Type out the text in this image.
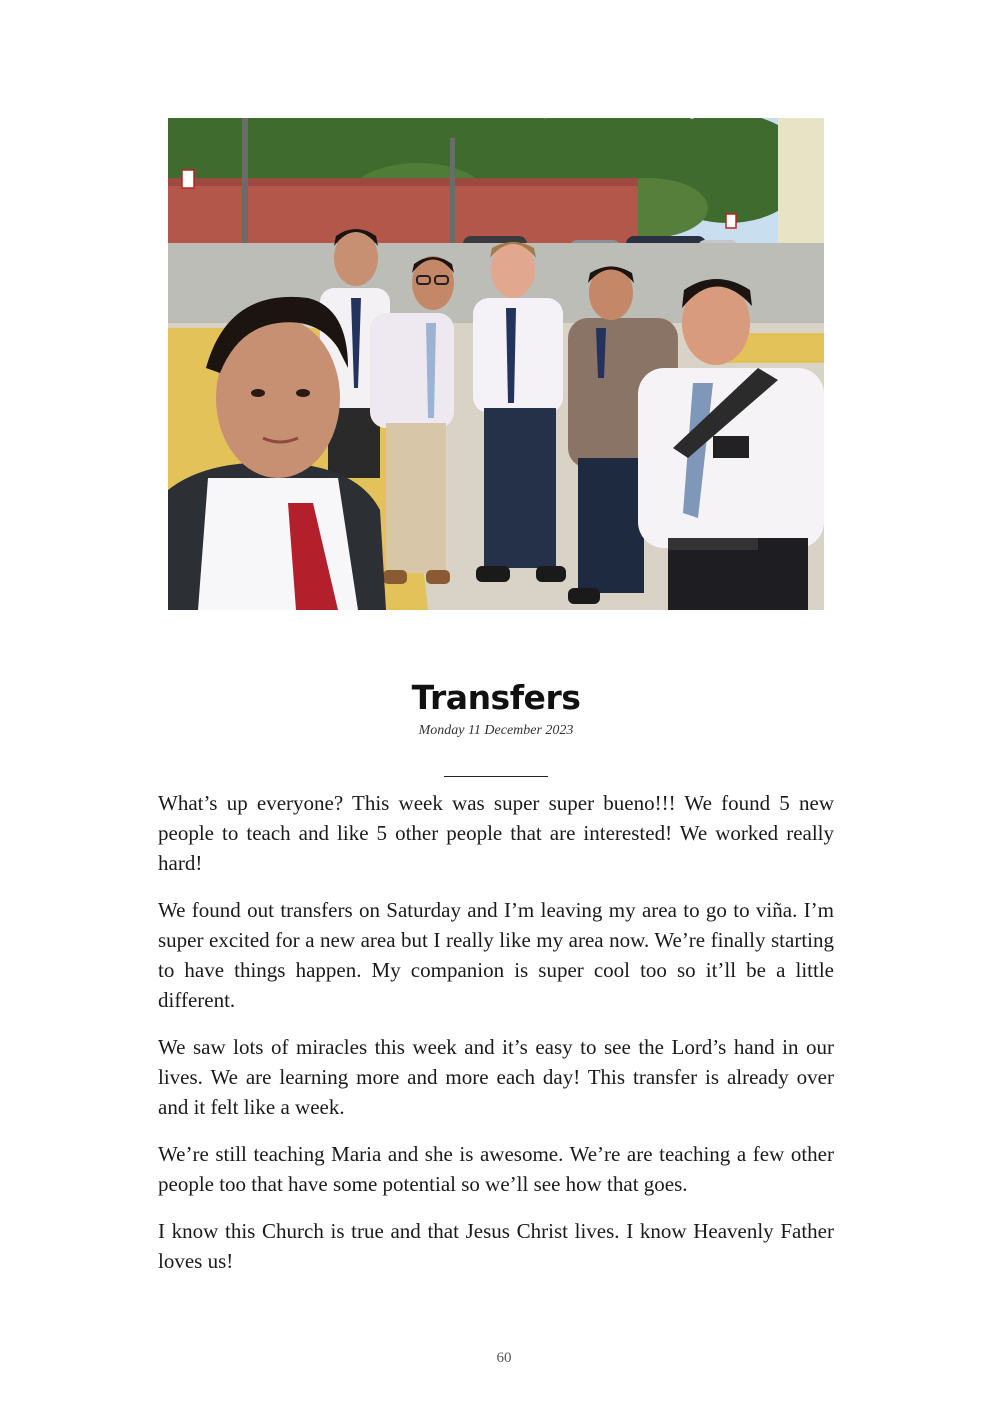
Transfers
Monday 11 December 2023

What’s up everyone? This week was super super bueno!!! We found 5 new people to teach and like 5 other people that are interested! We worked really hard!

We found out transfers on Saturday and I’m leaving my area to go to viña. I’m super excited for a new area but I really like my area now. We’re finally starting to have things happen. My companion is super cool too so it’ll be a little different.

We saw lots of miracles this week and it’s easy to see the Lord’s hand in our lives. We are learning more and more each day! This transfer is already over and it felt like a week.

We’re still teaching Maria and she is awesome. We’re are teaching a few other people too that have some potential so we’ll see how that goes.

I know this Church is true and that Jesus Christ lives. I know Heavenly Father loves us!

60
